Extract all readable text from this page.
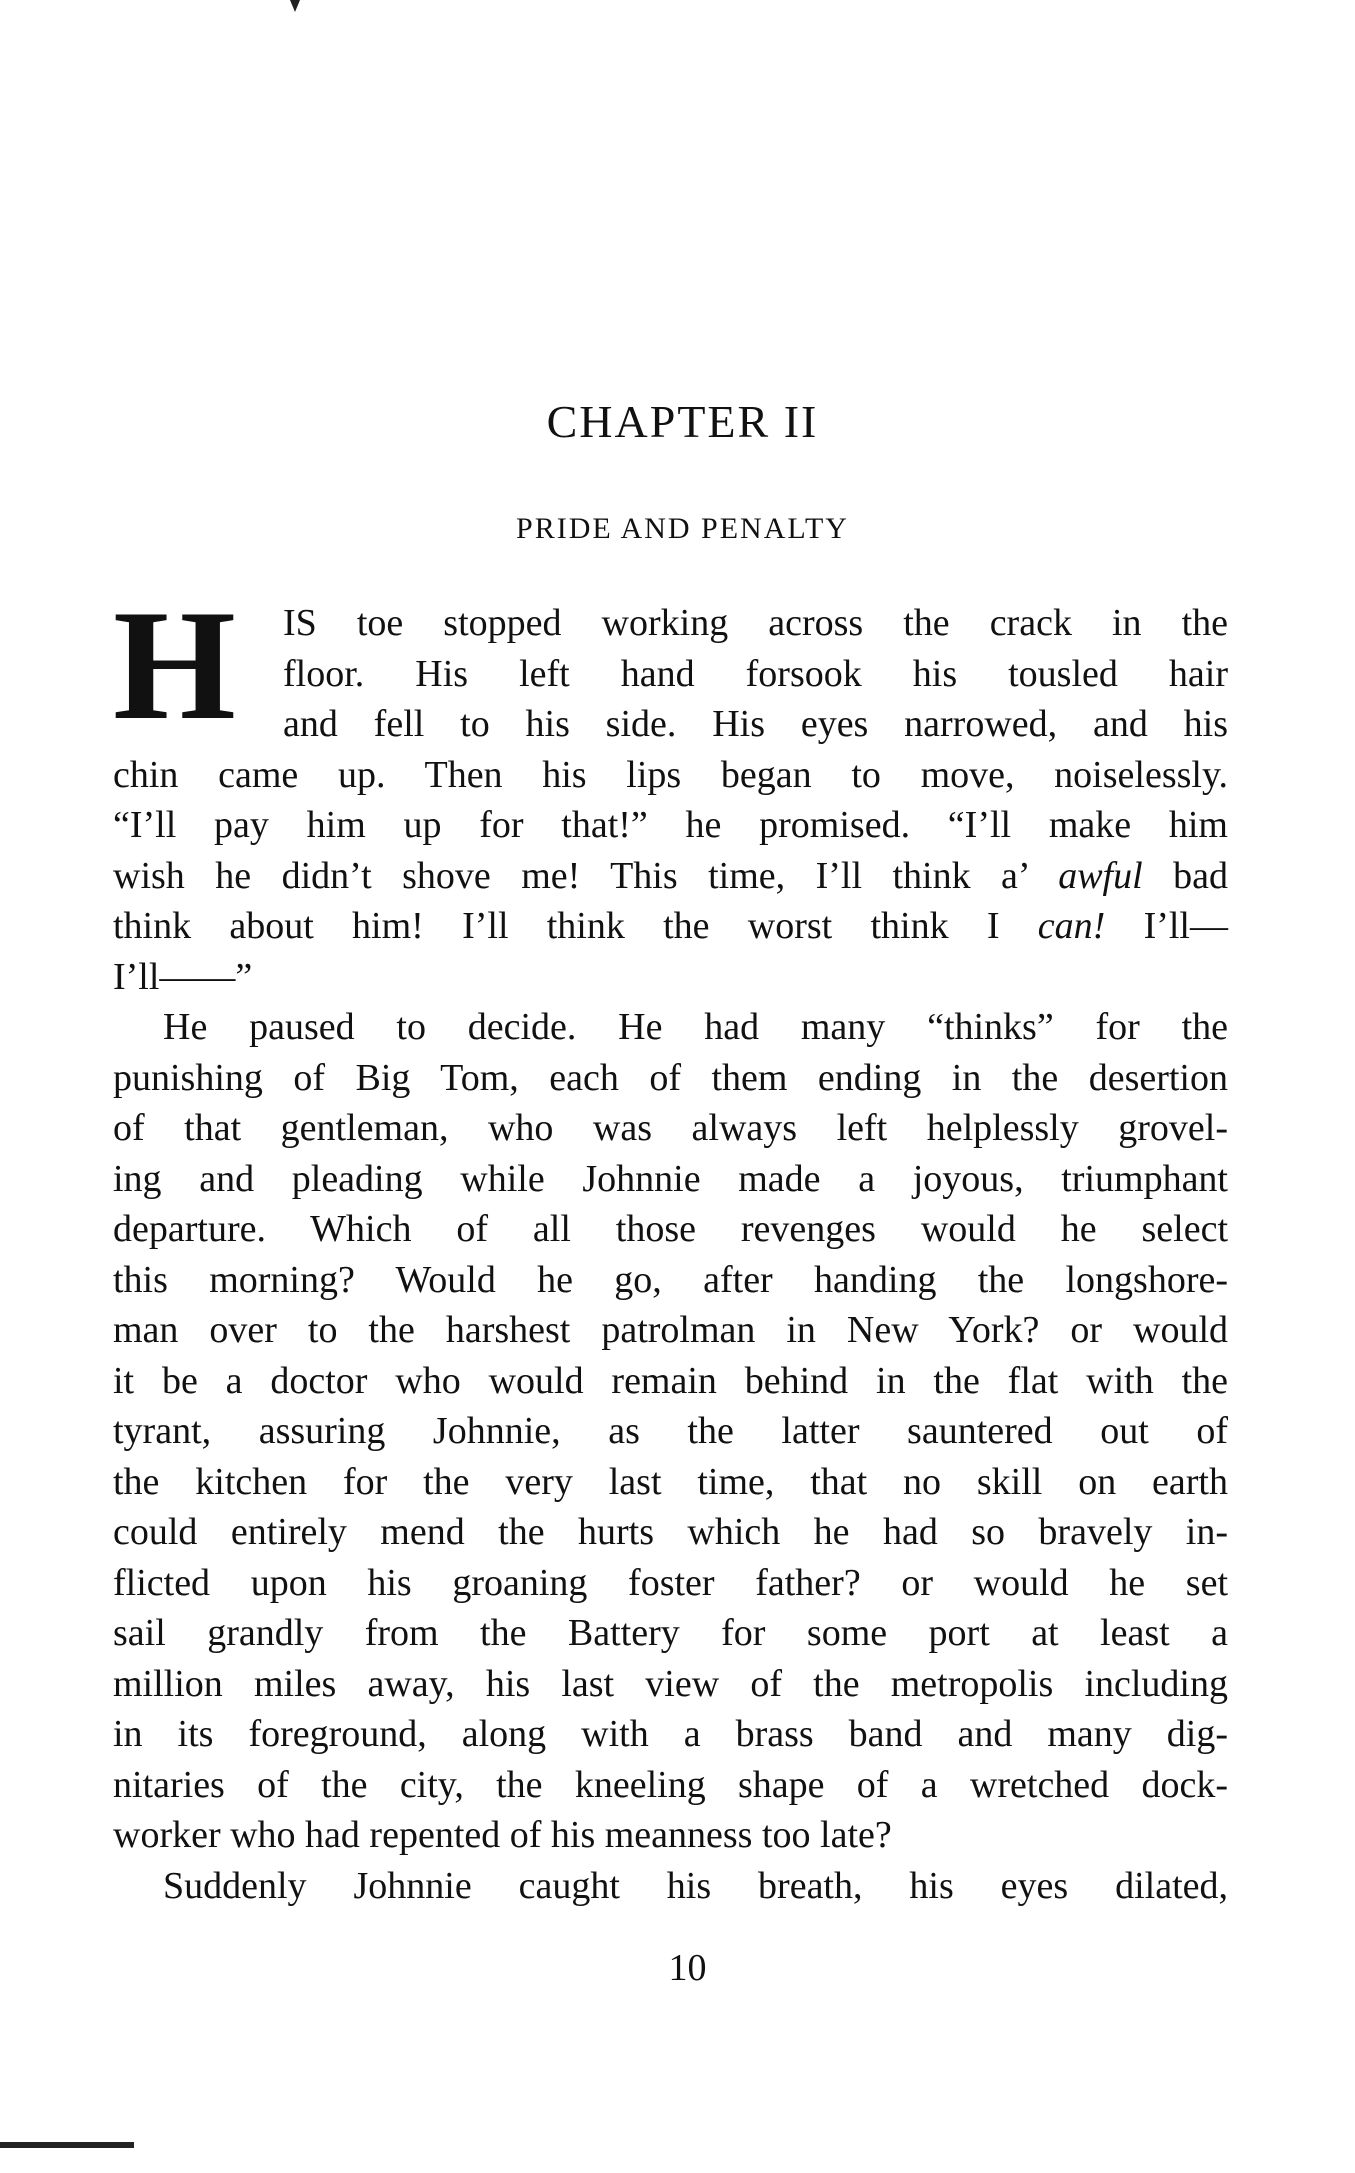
CHAPTER II
PRIDE AND PENALTY
H	IS toe stopped working across the crack in the
floor. His left hand forsook his tousled hair
and fell to his side. His eyes narrowed, and his
chin came up. Then his lips began to move, noiselessly.
“I’ll pay him up for that!” he promised. “I’ll make him
wish he didn’t shove me! This time, I’ll think a’ awful bad
think about him! I’ll think the worst think I can! I’ll—
I’ll——”
He paused to decide. He had many “thinks” for the
punishing of Big Tom, each of them ending in the desertion
of that gentleman, who was always left helplessly grovel-
ing and pleading while Johnnie made a joyous, triumphant
departure. Which of all those revenges would he select
this morning? Would he go, after handing the longshore-
man over to the harshest patrolman in New York? or would
it be a doctor who would remain behind in the flat with the
tyrant, assuring Johnnie, as the latter sauntered out of
the kitchen for the very last time, that no skill on earth
could entirely mend the hurts which he had so bravely in-
flicted upon his groaning foster father? or would he set
sail grandly from the Battery for some port at least a
million miles away, his last view of the metropolis including
in its foreground, along with a brass band and many dig-
nitaries of the city, the kneeling shape of a wretched dock-
worker who had repented of his meanness too late?
Suddenly Johnnie caught his breath, his eyes dilated,
10
